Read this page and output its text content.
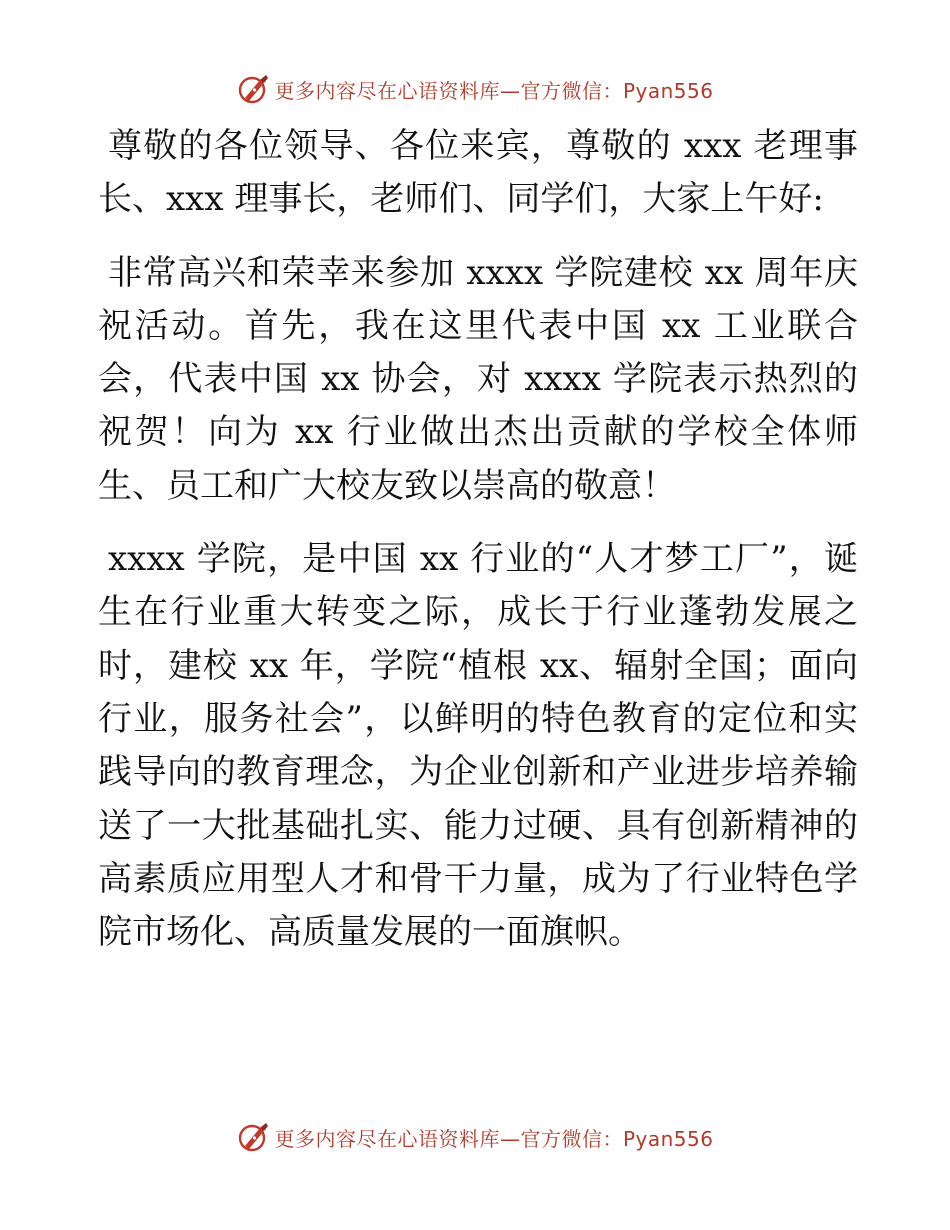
更多内容尽在心语资料库—官方微信：Pyan556

尊敬的各位领导、各位来宾，尊敬的 xxx 老理事长、xxx 理事长，老师们、同学们，大家上午好:

非常高兴和荣幸来参加 xxxx 学院建校 xx 周年庆祝活动。首先，我在这里代表中国 xx 工业联合会，代表中国 xx 协会，对 xxxx 学院表示热烈的祝贺！向为 xx 行业做出杰出贡献的学校全体师生、员工和广大校友致以崇高的敬意！

xxxx 学院，是中国 xx 行业的“人才梦工厂”，诞生在行业重大转变之际，成长于行业蓬勃发展之时，建校 xx 年，学院“植根 xx、辐射全国；面向行业，服务社会”，以鲜明的特色教育的定位和实践导向的教育理念，为企业创新和产业进步培养输送了一大批基础扎实、能力过硬、具有创新精神的高素质应用型人才和骨干力量，成为了行业特色学院市场化、高质量发展的一面旗帜。

更多内容尽在心语资料库—官方微信：Pyan556
